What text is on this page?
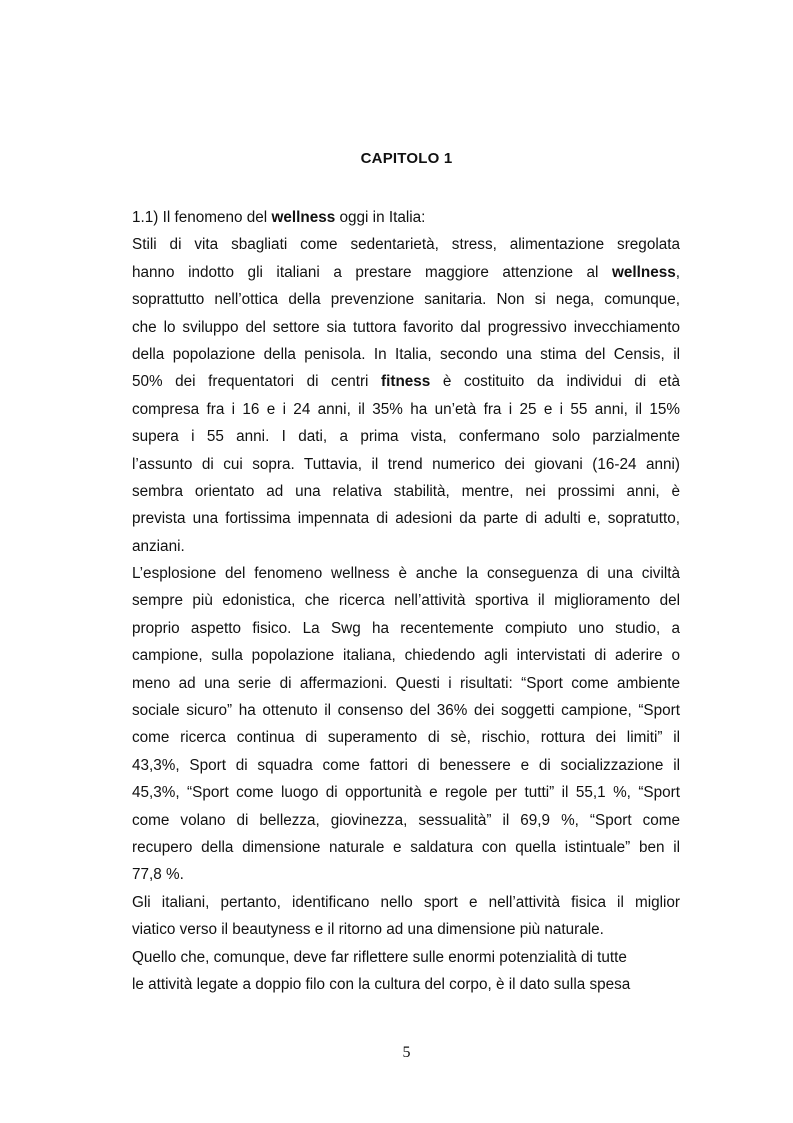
CAPITOLO 1
1.1) Il fenomeno del wellness oggi in Italia:
Stili di vita sbagliati come sedentarietà, stress, alimentazione sregolata
hanno indotto gli italiani a prestare maggiore attenzione al wellness,
soprattutto nell’ottica della prevenzione sanitaria. Non si nega, comunque,
che lo sviluppo del settore sia tuttora favorito dal progressivo invecchiamento
della popolazione della penisola. In Italia, secondo una stima del Censis, il
50% dei frequentatori di centri fitness è costituito da individui di età
compresa fra i 16 e i 24 anni, il 35% ha un’età fra i 25 e i 55 anni, il 15%
supera i 55 anni. I dati, a prima vista, confermano solo parzialmente
l’assunto di cui sopra. Tuttavia, il trend numerico dei giovani (16-24 anni)
sembra orientato ad una relativa stabilità, mentre, nei prossimi anni, è
prevista una fortissima impennata di adesioni da parte di adulti e, sopratutto,
anziani.
L’esplosione del fenomeno wellness è anche la conseguenza di una civiltà
sempre più edonistica, che ricerca nell’attività sportiva il miglioramento del
proprio aspetto fisico. La Swg ha recentemente compiuto uno studio, a
campione, sulla popolazione italiana, chiedendo agli intervistati di aderire o
meno ad una serie di affermazioni. Questi i risultati: “Sport come ambiente
sociale sicuro” ha ottenuto il consenso del 36% dei soggetti campione, “Sport
come ricerca continua di superamento di sè, rischio, rottura dei limiti” il
43,3%, Sport di squadra come fattori di benessere e di socializzazione il
45,3%, “Sport come luogo di opportunità e regole per tutti” il 55,1 %, “Sport
come volano di bellezza, giovinezza, sessualità” il 69,9 %, “Sport come
recupero della dimensione naturale e saldatura con quella istintuale” ben il
77,8 %.
Gli italiani, pertanto, identificano nello sport e nell’attività fisica il miglior
viatico verso il beautyness e il ritorno ad una dimensione più naturale.
Quello che, comunque, deve far riflettere sulle enormi potenzialità di tutte
le attività legate a doppio filo con la cultura del corpo, è il dato sulla spesa
5
